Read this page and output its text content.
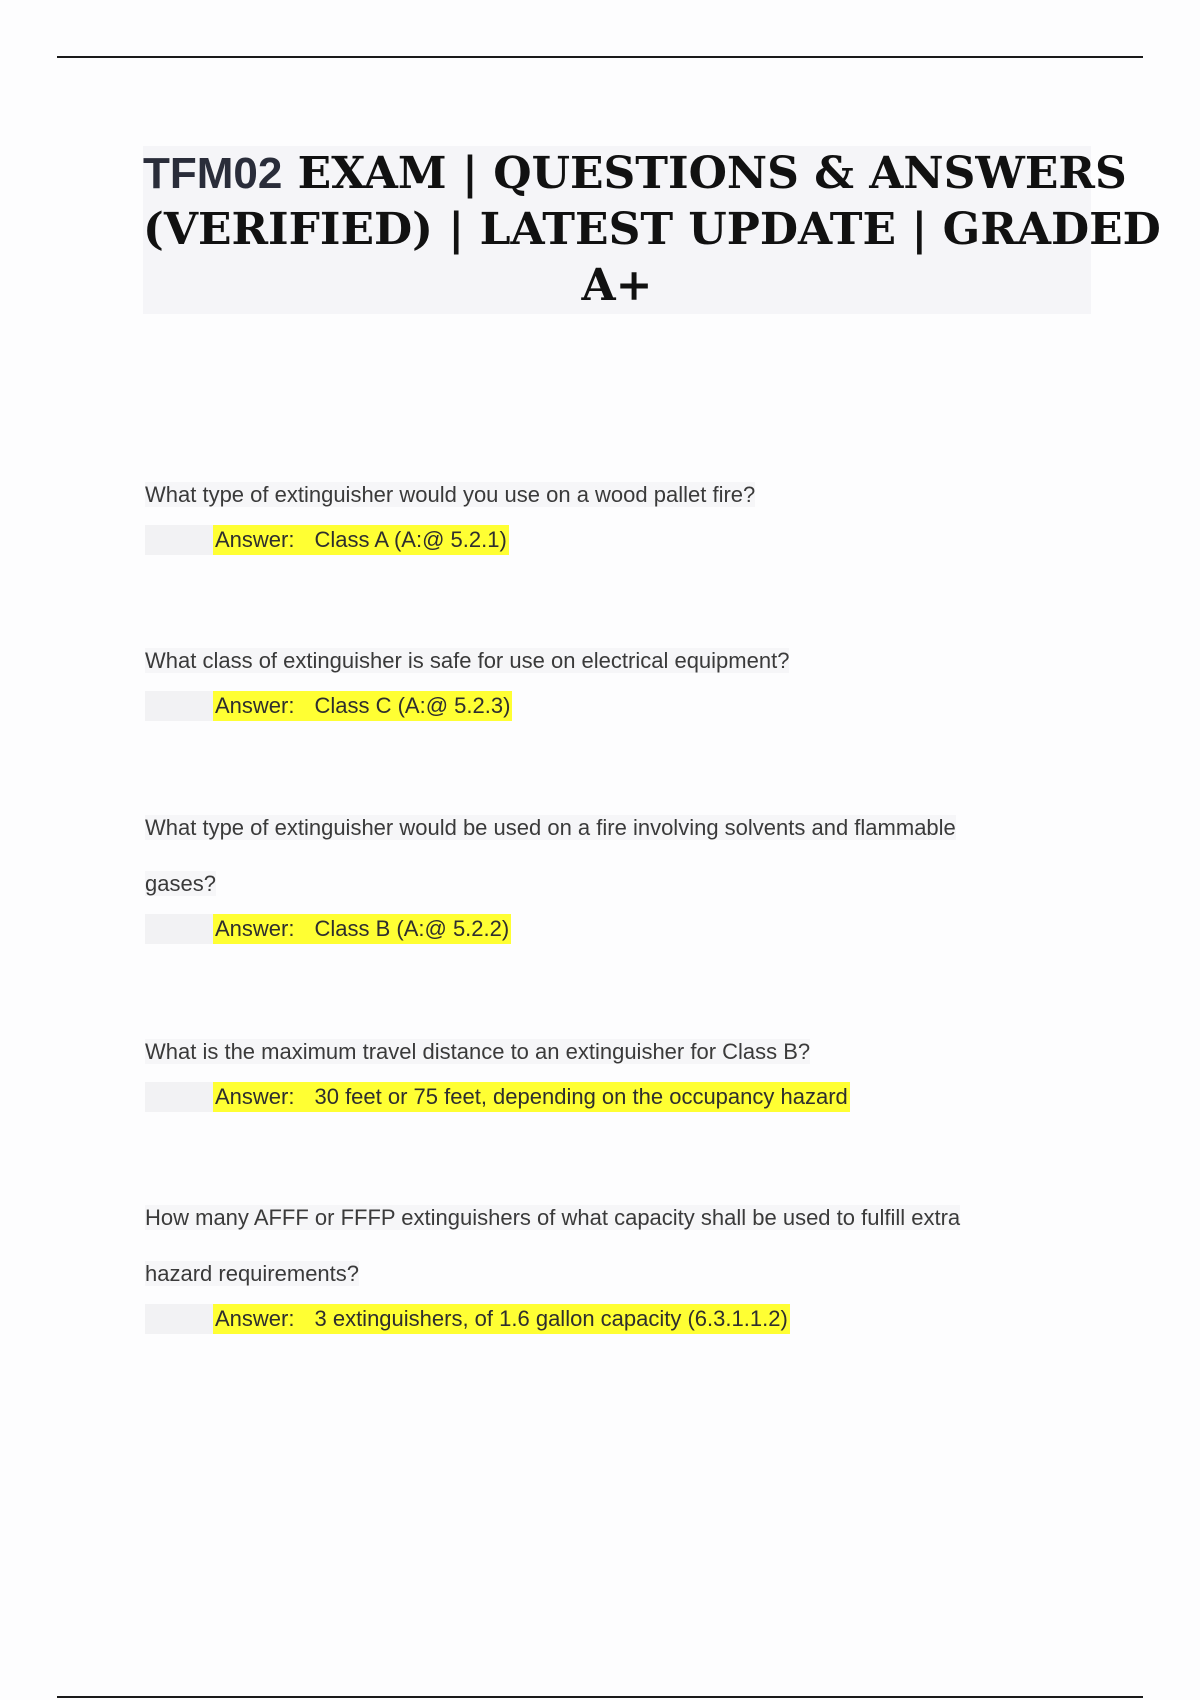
TFM02 EXAM | QUESTIONS & ANSWERS
(VERIFIED) | LATEST UPDATE | GRADED
A+

What type of extinguisher would you use on a wood pallet fire?

Answer: Class A (A:@ 5.2.1)

What class of extinguisher is safe for use on electrical equipment?

Answer: Class C (A:@ 5.2.3)

What type of extinguisher would be used on a fire involving solvents and flammable

gases?

Answer: Class B (A:@ 5.2.2)

What is the maximum travel distance to an extinguisher for Class B?

Answer: 30 feet or 75 feet, depending on the occupancy hazard

How many AFFF or FFFP extinguishers of what capacity shall be used to fulfill extra

hazard requirements?

Answer: 3 extinguishers, of 1.6 gallon capacity (6.3.1.1.2)
